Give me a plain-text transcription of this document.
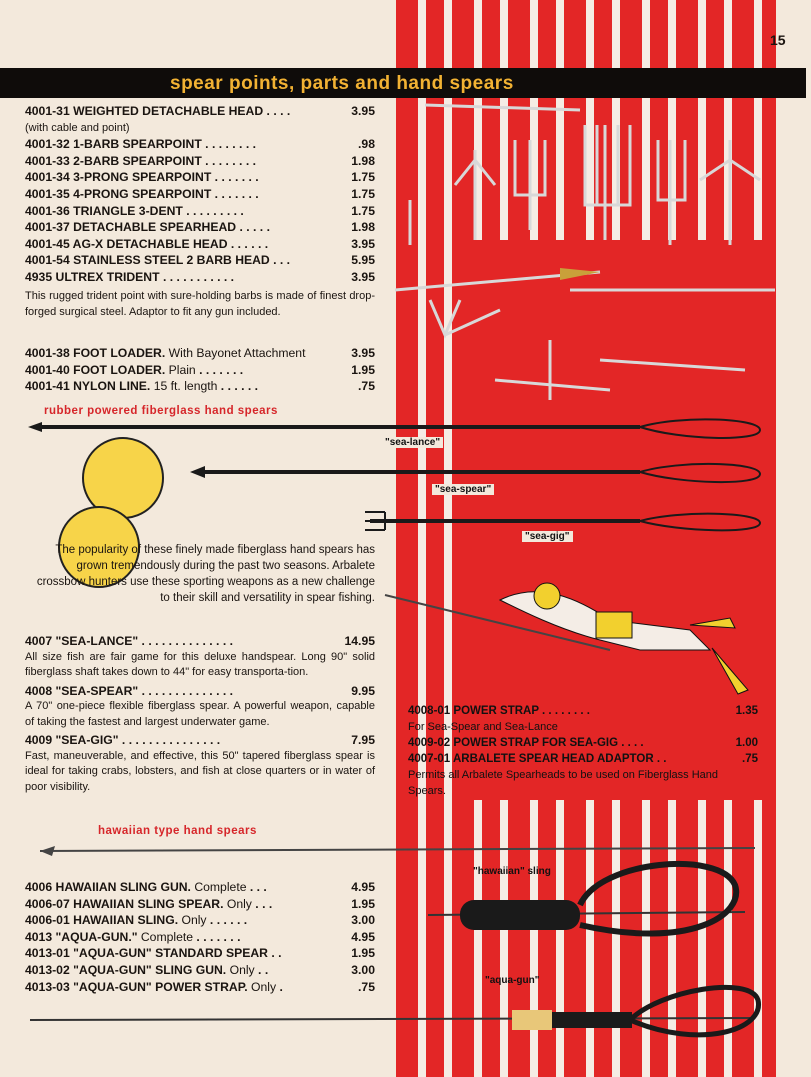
15
spear points, parts and hand spears
4001-31 WEIGHTED DETACHABLE HEAD . . . .	3.95
(with cable and point)
4001-32 1-BARB SPEARPOINT . . . . . . . .	.98
4001-33 2-BARB SPEARPOINT . . . . . . . .	1.98
4001-34 3-PRONG SPEARPOINT . . . . . . .	1.75
4001-35 4-PRONG SPEARPOINT . . . . . . .	1.75
4001-36 TRIANGLE 3-DENT . . . . . . . . .	1.75
4001-37 DETACHABLE SPEARHEAD . . . . .	1.98
4001-45 AG-X DETACHABLE HEAD . . . . . .	3.95
4001-54 STAINLESS STEEL 2 BARB HEAD . . .	5.95
4935 ULTREX TRIDENT . . . . . . . . . . .	3.95
This rugged trident point with sure-holding barbs is made of finest drop-forged surgical steel. Adaptor to fit any gun included.
4001-38 FOOT LOADER. With Bayonet Attachment	3.95
4001-40 FOOT LOADER. Plain . . . . . . .	1.95
4001-41 NYLON LINE. 15 ft. length . . . . . .	.75
rubber powered fiberglass hand spears
"sea-lance"
"sea-spear"
"sea-gig"
The popularity of these finely made fiberglass hand spears has grown tremendously during the past two seasons. Arbalete crossbow hunters use these sporting weapons as a new challenge to their skill and versatility in spear fishing.
4007 "SEA-LANCE" . . . . . . . . . . . . . .	14.95
All size fish are fair game for this deluxe handspear. Long 90" solid fiberglass shaft takes down to 44" for easy transporta-tion.
4008 "SEA-SPEAR" . . . . . . . . . . . . . .	9.95
A 70" one-piece flexible fiberglass spear. A powerful weapon, capable of taking the fastest and largest underwater game.
4009 "SEA-GIG" . . . . . . . . . . . . . . .	7.95
Fast, maneuverable, and effective, this 50" tapered fiberglass spear is ideal for taking crabs, lobsters, and fish at close quarters or in water of poor visibility.
4008-01 POWER STRAP . . . . . . . .	1.35
For Sea-Spear and Sea-Lance
4009-02 POWER STRAP FOR SEA-GIG . . . .	1.00
4007-01 ARBALETE SPEAR HEAD ADAPTOR . .	.75
Permits all Arbalete Spearheads to be used on Fiberglass Hand Spears.
hawaiian type hand spears
"hawaiian" sling
"aqua-gun"
4006 HAWAIIAN SLING GUN. Complete . . .	4.95
4006-07 HAWAIIAN SLING SPEAR. Only . . .	1.95
4006-01 HAWAIIAN SLING. Only . . . . . .	3.00
4013 "AQUA-GUN." Complete . . . . . . .	4.95
4013-01 "AQUA-GUN" STANDARD SPEAR . .	1.95
4013-02 "AQUA-GUN" SLING GUN. Only . .	3.00
4013-03 "AQUA-GUN" POWER STRAP. Only .	.75
